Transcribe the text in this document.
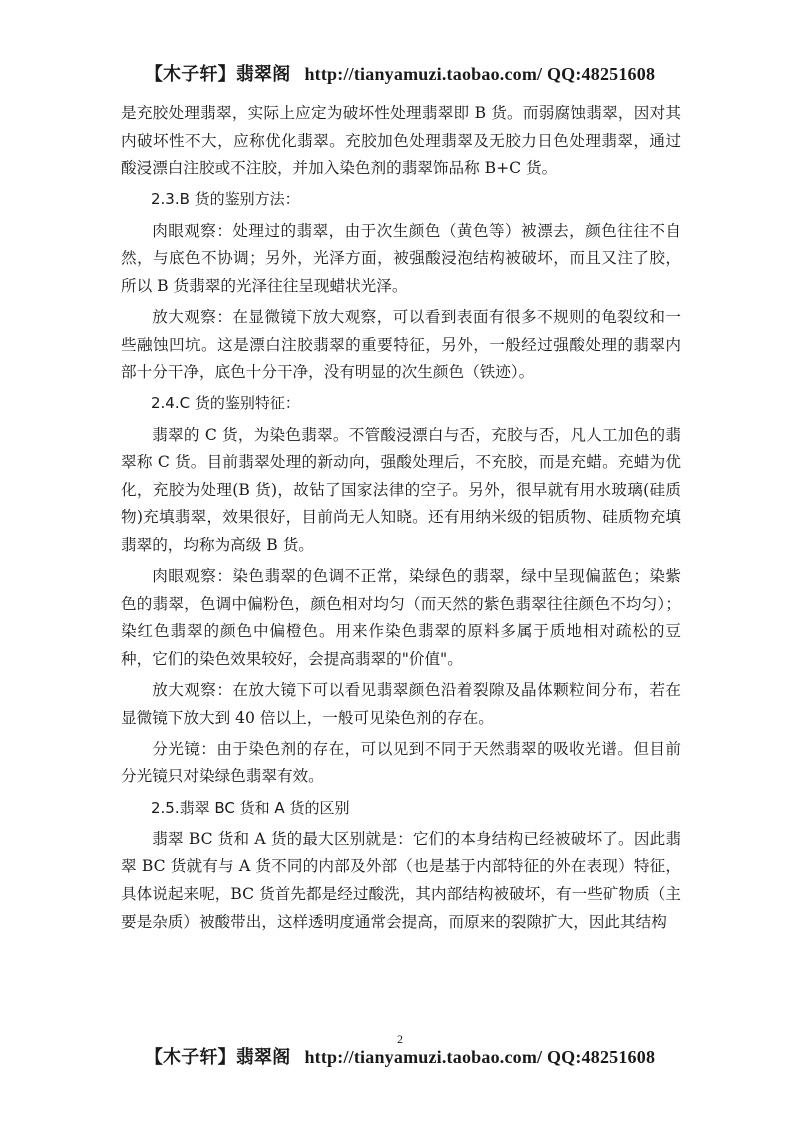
【木子轩】翡翠阁 http://tianyamuzi.taobao.com/ QQ:48251608

是充胶处理翡翠，实际上应定为破坏性处理翡翠即 B 货。而弱腐蚀翡翠，因对其内破坏性不大，应称优化翡翠。充胶加色处理翡翠及无胶力日色处理翡翠，通过酸浸漂白注胶或不注胶，并加入染色剂的翡翠饰品称 B+C 货。

2.3.B 货的鉴别方法：

肉眼观察：处理过的翡翠，由于次生颜色（黄色等）被漂去，颜色往往不自然，与底色不协调；另外，光泽方面，被强酸浸泡结构被破坏，而且又注了胶，所以 B 货翡翠的光泽往往呈现蜡状光泽。

放大观察：在显微镜下放大观察，可以看到表面有很多不规则的龟裂纹和一些融蚀凹坑。这是漂白注胶翡翠的重要特征，另外，一般经过强酸处理的翡翠内部十分干净，底色十分干净，没有明显的次生颜色（铁迹）。

2.4.C 货的鉴别特征：

翡翠的 C 货，为染色翡翠。不管酸浸漂白与否，充胶与否，凡人工加色的翡翠称 C 货。目前翡翠处理的新动向，强酸处理后，不充胶，而是充蜡。充蜡为优化，充胶为处理(B 货)，故钻了国家法律的空子。另外，很早就有用水玻璃(硅质物)充填翡翠，效果很好，目前尚无人知晓。还有用纳米级的铝质物、硅质物充填翡翠的，均称为高级 B 货。

肉眼观察：染色翡翠的色调不正常，染绿色的翡翠，绿中呈现偏蓝色；染紫色的翡翠，色调中偏粉色，颜色相对均匀（而天然的紫色翡翠往往颜色不均匀）；染红色翡翠的颜色中偏橙色。用来作染色翡翠的原料多属于质地相对疏松的豆种，它们的染色效果较好，会提高翡翠的"价值"。

放大观察：在放大镜下可以看见翡翠颜色沿着裂隙及晶体颗粒间分布，若在显微镜下放大到 40 倍以上，一般可见染色剂的存在。

分光镜：由于染色剂的存在，可以见到不同于天然翡翠的吸收光谱。但目前分光镜只对染绿色翡翠有效。

2.5.翡翠 BC 货和 A 货的区别

翡翠 BC 货和 A 货的最大区别就是：它们的本身结构已经被破坏了。因此翡翠 BC 货就有与 A 货不同的内部及外部（也是基于内部特征的外在表现）特征，具体说起来呢，BC 货首先都是经过酸洗，其内部结构被破坏，有一些矿物质（主要是杂质）被酸带出，这样透明度通常会提高，而原来的裂隙扩大，因此其结构

2
【木子轩】翡翠阁 http://tianyamuzi.taobao.com/ QQ:48251608
